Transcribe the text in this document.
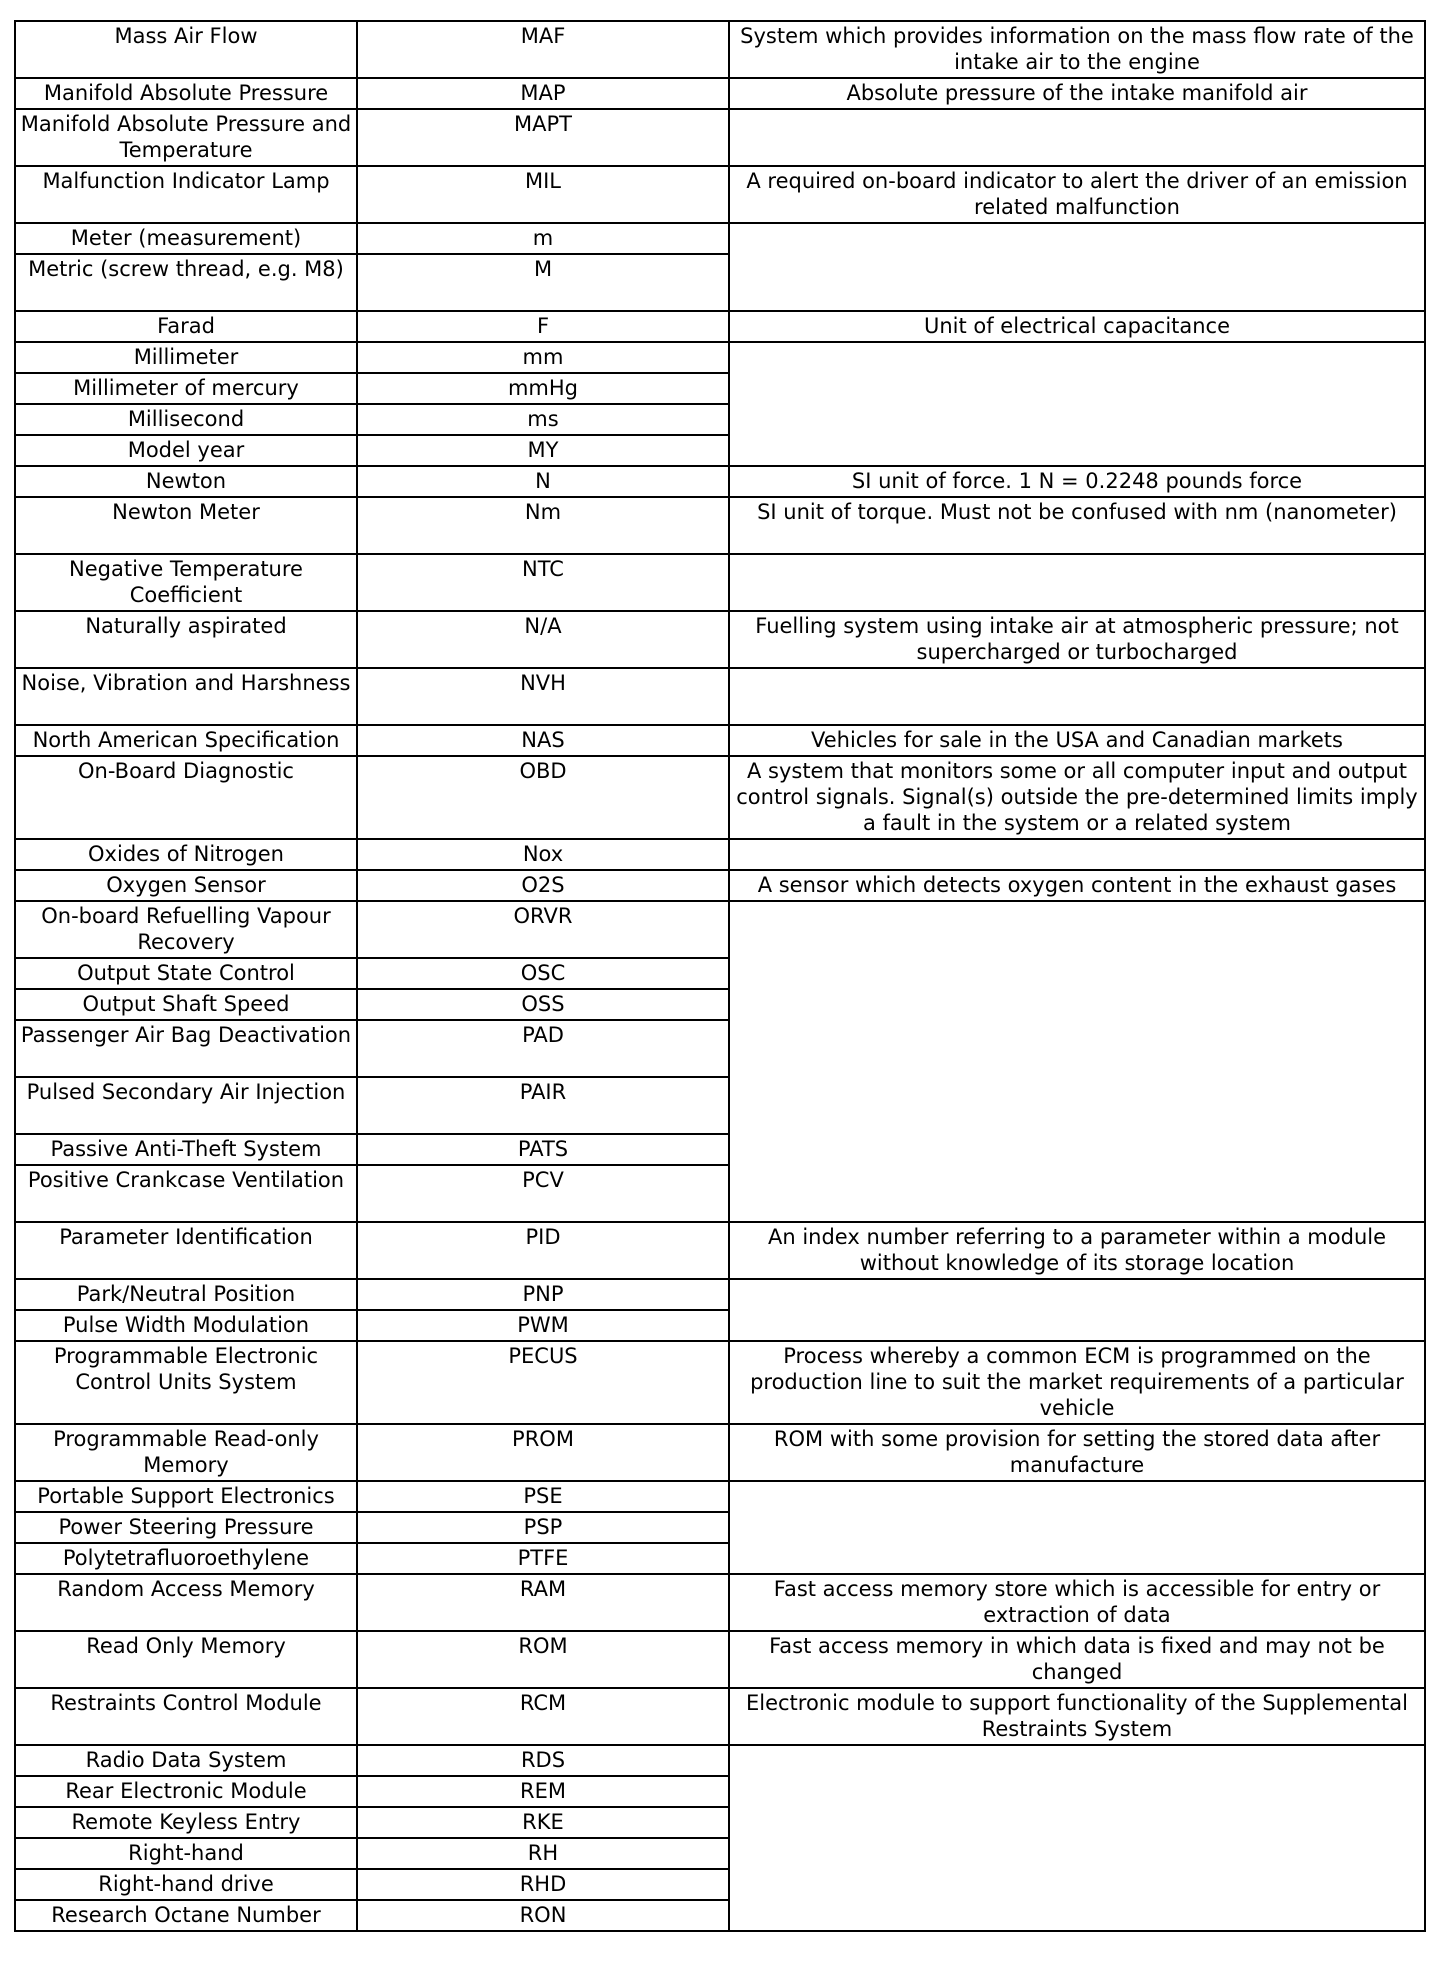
Mass Air Flow	MAF	System which provides information on the mass flow rate of the intake air to the engine
Manifold Absolute Pressure	MAP	Absolute pressure of the intake manifold air
Manifold Absolute Pressure and Temperature	MAPT	
Malfunction Indicator Lamp	MIL	A required on-board indicator to alert the driver of an emission related malfunction
Meter (measurement)	m	
Metric (screw thread, e.g. M8)	M	
Farad	F	Unit of electrical capacitance
Millimeter	mm	
Millimeter of mercury	mmHg	
Millisecond	ms	
Model year	MY	
Newton	N	SI unit of force. 1 N = 0.2248 pounds force
Newton Meter	Nm	SI unit of torque. Must not be confused with nm (nanometer)
Negative Temperature Coefficient	NTC	
Naturally aspirated	N/A	Fuelling system using intake air at atmospheric pressure; not supercharged or turbocharged
Noise, Vibration and Harshness	NVH	
North American Specification	NAS	Vehicles for sale in the USA and Canadian markets
On-Board Diagnostic	OBD	A system that monitors some or all computer input and output control signals. Signal(s) outside the pre-determined limits imply a fault in the system or a related system
Oxides of Nitrogen	Nox	
Oxygen Sensor	O2S	A sensor which detects oxygen content in the exhaust gases
On-board Refuelling Vapour Recovery	ORVR	
Output State Control	OSC	
Output Shaft Speed	OSS	
Passenger Air Bag Deactivation	PAD	
Pulsed Secondary Air Injection	PAIR	
Passive Anti-Theft System	PATS	
Positive Crankcase Ventilation	PCV	
Parameter Identification	PID	An index number referring to a parameter within a module without knowledge of its storage location
Park/Neutral Position	PNP	
Pulse Width Modulation	PWM	
Programmable Electronic Control Units System	PECUS	Process whereby a common ECM is programmed on the production line to suit the market requirements of a particular vehicle
Programmable Read-only Memory	PROM	ROM with some provision for setting the stored data after manufacture
Portable Support Electronics	PSE	
Power Steering Pressure	PSP	
Polytetrafluoroethylene	PTFE	
Random Access Memory	RAM	Fast access memory store which is accessible for entry or extraction of data
Read Only Memory	ROM	Fast access memory in which data is fixed and may not be changed
Restraints Control Module	RCM	Electronic module to support functionality of the Supplemental Restraints System
Radio Data System	RDS	
Rear Electronic Module	REM	
Remote Keyless Entry	RKE	
Right-hand	RH	
Right-hand drive	RHD	
Research Octane Number	RON	
